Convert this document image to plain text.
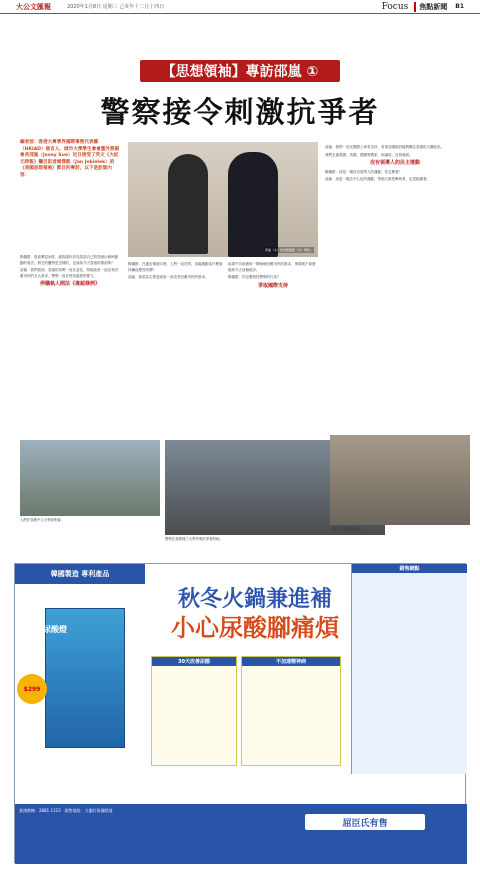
大公文匯報	2020年1月8日 星期三 己亥年十二月十四日	Focus	焦點新聞 B1
【思想領袖】專訪邵嵐 ①
警察接令刺激抗爭者
編者按：香港大專學界國際事務代表團（HKIAD）發言人、城市大學學生會會董外務副會長邵嵐（Josey Sue）近日接受了英文《大紀元時報》欄目記者楊傑凱（Jan Jekielek）的《美國思想領袖》節目的專訪，以下是訪談內容：

楊傑凱：很高興見到你，能夠請你首先談談自己對香港反修例運動的看法，對它的觀察是怎樣的，也談談今天香港的情況嗎？

邵嵐：我們看到，香港的局勢一直在惡化，特區政府一直沒有回應市民的五大訴求，警察一直在使用過度的暴力。

停職執人開法《違認條例》
邵嵐（左）接受楊傑凱（右）專訪。

楊傑凱：在過去幾個月裡，人們一直在問，這場運動為什麼會持續這麼長時間？

邵嵐：我認為主要是政府一直沒有回應市民的訴求。

如果中共和港府一開始就回應市民的訴求，事情就不會發展到今天這個地步。

楊傑凱：你怎麼看待警察的行為？

爭取國際支持

邵嵐：我們一直在國際上尋求支持，希望各國政府能夠關注香港的人權狀況。

我們去過美國、英國、德國等國家，和議員、官員會面。

沒有領導人的民主運動

楊傑凱：這是一場沒有領導人的運動，你怎麼看？

邵嵐：這是一場去中心化的運動，每個人都是參與者，也是組織者。

人們在香港中文大學前集會。
警察在香港理工大學外與抗爭者對峙。
人們在香港街頭集會。
韓國製造 專利產品
秋冬火鍋兼進補
小心尿酸腳痛煩
尿酸燈
$299
30天改善尿酸	不加速精神病
銷售網點
查詢熱線：2881 1123　銷售地址：九龍旺角彌敦道
屈臣氏有售
